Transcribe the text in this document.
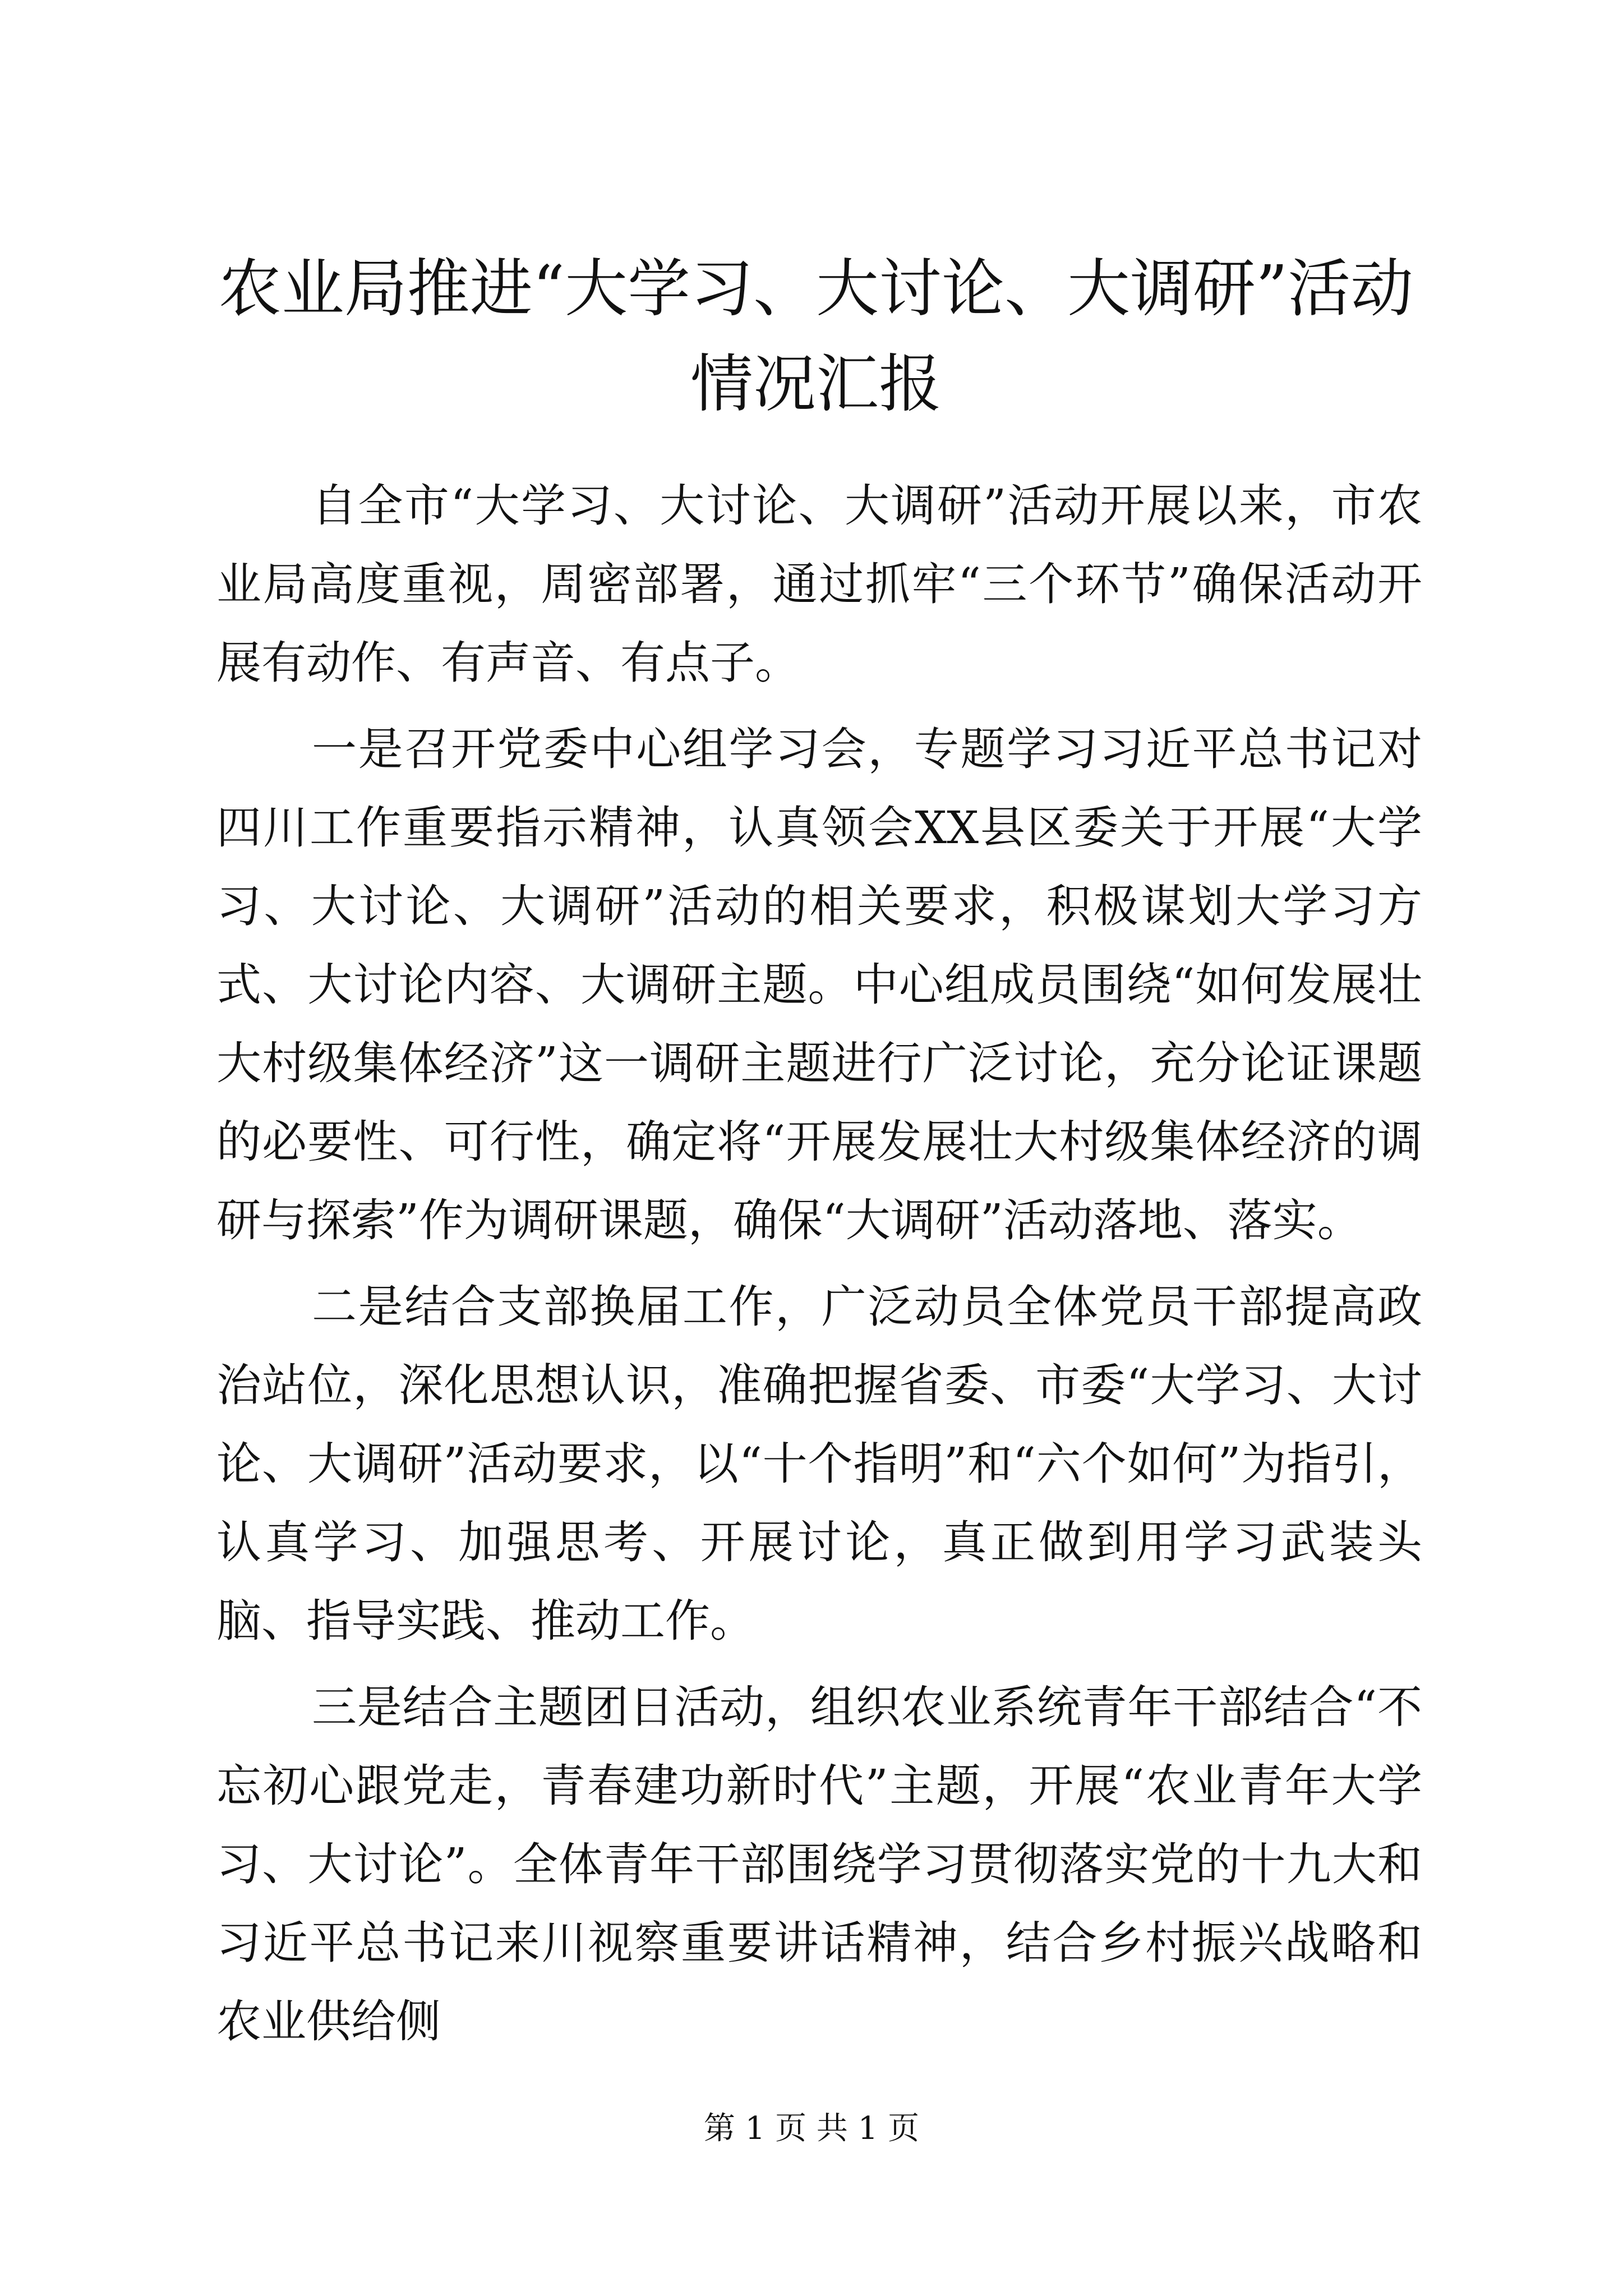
农业局推进“大学习、大讨论、大调研”活动
情况汇报

自全市“大学习、大讨论、大调研”活动开展以来，市农业局高度重视，周密部署，通过抓牢“三个环节”确保活动开展有动作、有声音、有点子。

一是召开党委中心组学习会，专题学习习近平总书记对四川工作重要指示精神，认真领会XX县区委关于开展“大学习、大讨论、大调研”活动的相关要求，积极谋划大学习方式、大讨论内容、大调研主题。中心组成员围绕“如何发展壮大村级集体经济”这一调研主题进行广泛讨论，充分论证课题的必要性、可行性，确定将“开展发展壮大村级集体经济的调研与探索”作为调研课题，确保“大调研”活动落地、落实。

二是结合支部换届工作，广泛动员全体党员干部提高政治站位，深化思想认识，准确把握省委、市委“大学习、大讨论、大调研”活动要求，以“十个指明”和“六个如何”为指引，认真学习、加强思考、开展讨论，真正做到用学习武装头脑、指导实践、推动工作。

三是结合主题团日活动，组织农业系统青年干部结合“不忘初心跟党走，青春建功新时代”主题，开展“农业青年大学习、大讨论”。全体青年干部围绕学习贯彻落实党的十九大和习近平总书记来川视察重要讲话精神，结合乡村振兴战略和农业供给侧

第 1 页 共 1 页
